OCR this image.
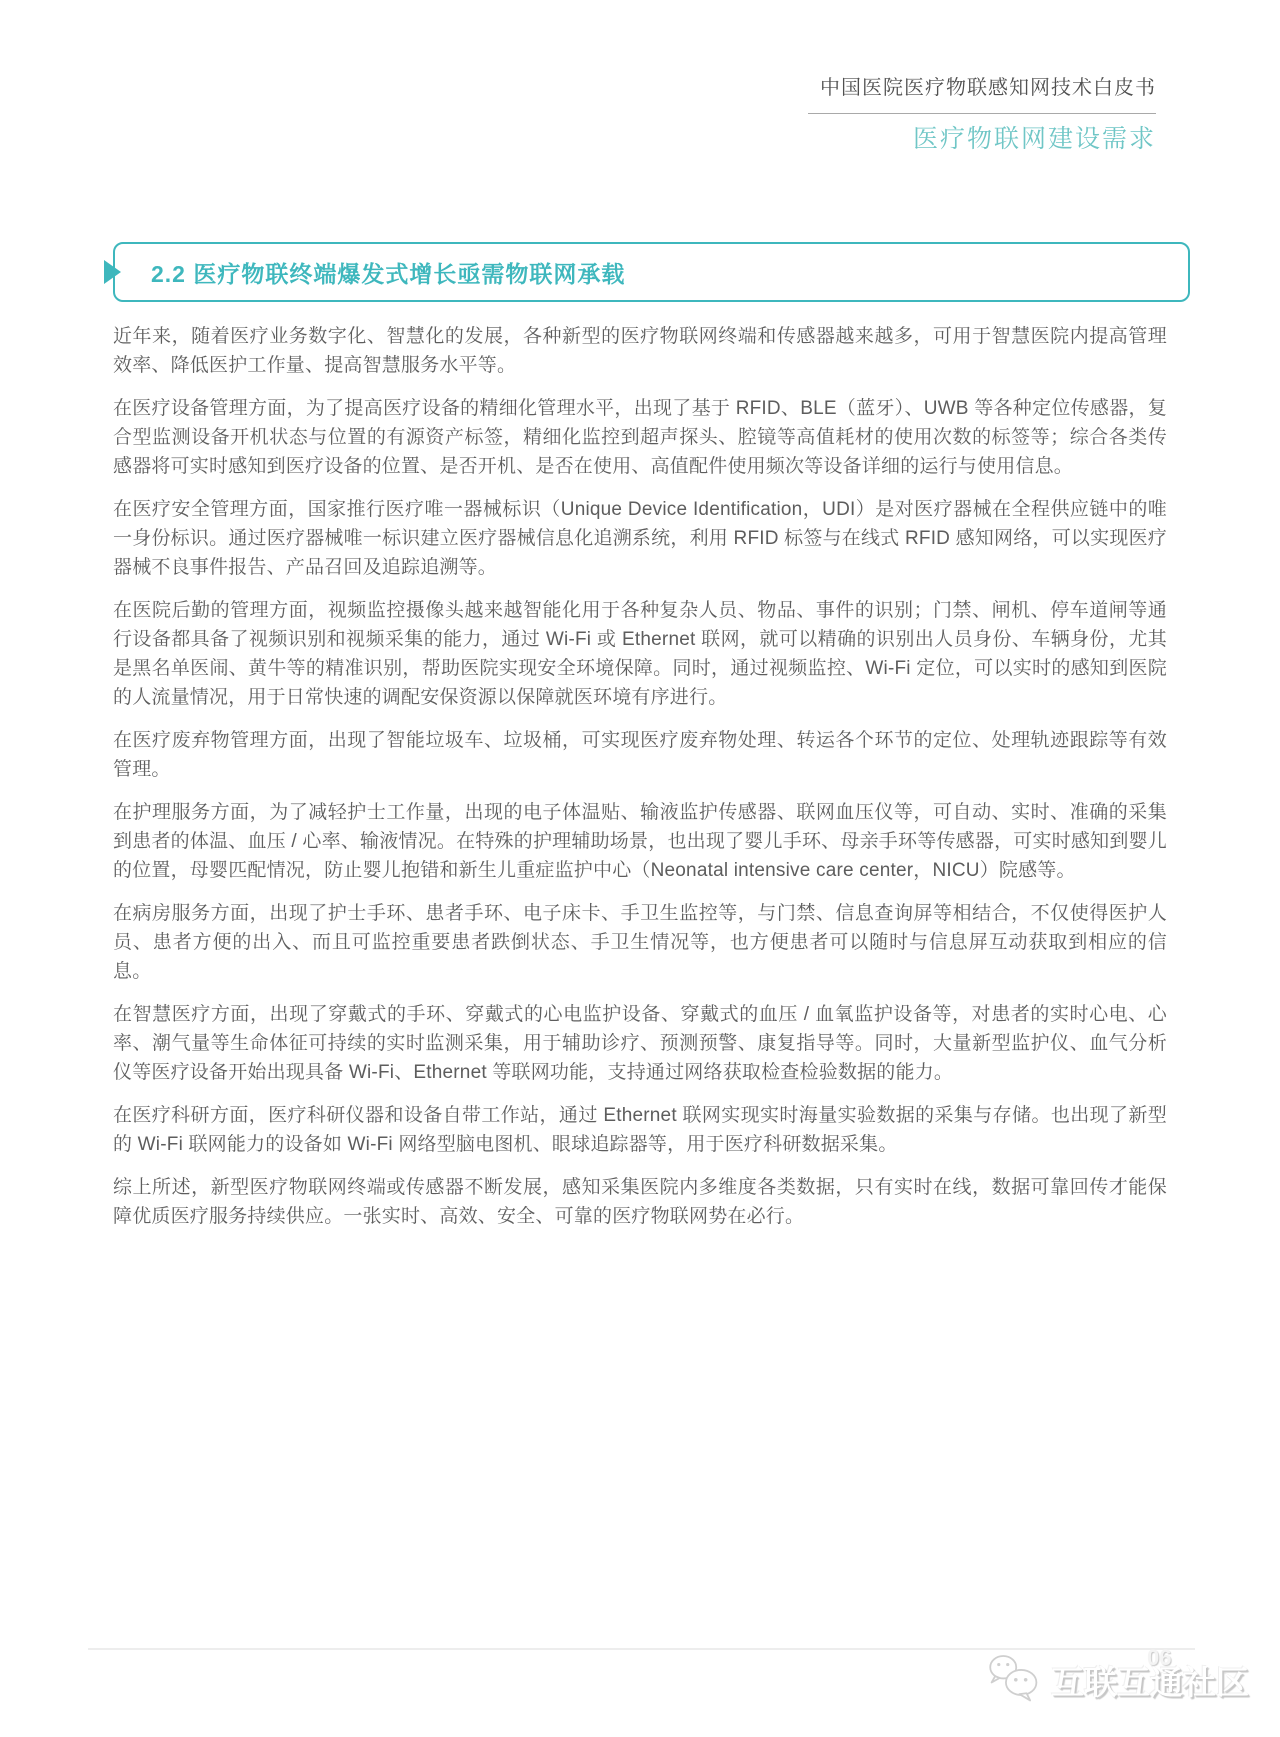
中国医院医疗物联感知网技术白皮书
医疗物联网建设需求
2.2 医疗物联终端爆发式增长亟需物联网承载

近年来，随着医疗业务数字化、智慧化的发展，各种新型的医疗物联网终端和传感器越来越多，可用于智慧医院内提高管理效率、降低医护工作量、提高智慧服务水平等。

在医疗设备管理方面，为了提高医疗设备的精细化管理水平，出现了基于 RFID、BLE（蓝牙）、UWB 等各种定位传感器，复合型监测设备开机状态与位置的有源资产标签，精细化监控到超声探头、腔镜等高值耗材的使用次数的标签等；综合各类传感器将可实时感知到医疗设备的位置、是否开机、是否在使用、高值配件使用频次等设备详细的运行与使用信息。

在医疗安全管理方面，国家推行医疗唯一器械标识（Unique Device Identification，UDI）是对医疗器械在全程供应链中的唯一身份标识。通过医疗器械唯一标识建立医疗器械信息化追溯系统，利用 RFID 标签与在线式 RFID 感知网络，可以实现医疗器械不良事件报告、产品召回及追踪追溯等。

在医院后勤的管理方面，视频监控摄像头越来越智能化用于各种复杂人员、物品、事件的识别；门禁、闸机、停车道闸等通行设备都具备了视频识别和视频采集的能力，通过 Wi-Fi 或 Ethernet 联网，就可以精确的识别出人员身份、车辆身份，尤其是黑名单医闹、黄牛等的精准识别，帮助医院实现安全环境保障。同时，通过视频监控、Wi-Fi 定位，可以实时的感知到医院的人流量情况，用于日常快速的调配安保资源以保障就医环境有序进行。

在医疗废弃物管理方面，出现了智能垃圾车、垃圾桶，可实现医疗废弃物处理、转运各个环节的定位、处理轨迹跟踪等有效管理。

在护理服务方面，为了减轻护士工作量，出现的电子体温贴、输液监护传感器、联网血压仪等，可自动、实时、准确的采集到患者的体温、血压 / 心率、输液情况。在特殊的护理辅助场景，也出现了婴儿手环、母亲手环等传感器，可实时感知到婴儿的位置，母婴匹配情况，防止婴儿抱错和新生儿重症监护中心（Neonatal intensive care center，NICU）院感等。

在病房服务方面，出现了护士手环、患者手环、电子床卡、手卫生监控等，与门禁、信息查询屏等相结合，不仅使得医护人员、患者方便的出入、而且可监控重要患者跌倒状态、手卫生情况等，也方便患者可以随时与信息屏互动获取到相应的信息。

在智慧医疗方面，出现了穿戴式的手环、穿戴式的心电监护设备、穿戴式的血压 / 血氧监护设备等，对患者的实时心电、心率、潮气量等生命体征可持续的实时监测采集，用于辅助诊疗、预测预警、康复指导等。同时，大量新型监护仪、血气分析仪等医疗设备开始出现具备 Wi-Fi、Ethernet 等联网功能，支持通过网络获取检查检验数据的能力。

在医疗科研方面，医疗科研仪器和设备自带工作站，通过 Ethernet 联网实现实时海量实验数据的采集与存储。也出现了新型的 Wi-Fi 联网能力的设备如 Wi-Fi 网络型脑电图机、眼球追踪器等，用于医疗科研数据采集。

综上所述，新型医疗物联网终端或传感器不断发展，感知采集医院内多维度各类数据，只有实时在线，数据可靠回传才能保障优质医疗服务持续供应。一张实时、高效、安全、可靠的医疗物联网势在必行。

互联互通社区
06
